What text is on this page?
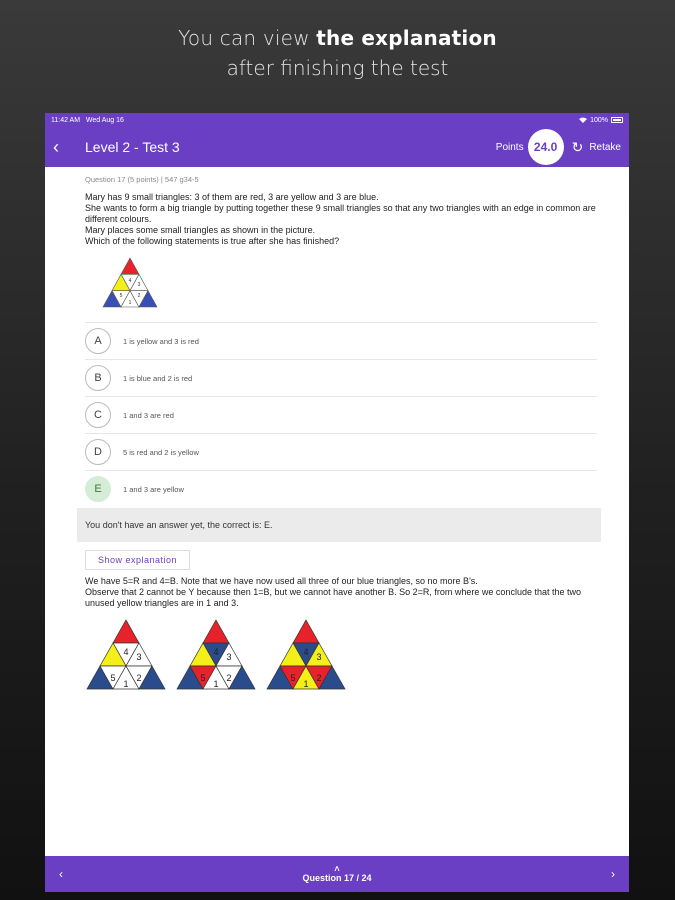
You can view the explanation
after finishing the test
11:42 AM Wed Aug 16	100%
‹	Level 2 - Test 3	Points 24.0	↻ Retake
Question 17 (5 points) | 547 g34-5
Mary has 9 small triangles: 3 of them are red, 3 are yellow and 3 are blue.
She wants to form a big triangle by putting together these 9 small triangles so that any two triangles with an edge in common are different colours.
Mary places some small triangles as shown in the picture.
Which of the following statements is true after she has finished?
4
3
5
1
2
A	1 is yellow and 3 is red
B	1 is blue and 2 is red
C	1 and 3 are red
D	5 is red and 2 is yellow
E	1 and 3 are yellow
You don't have an answer yet, the correct is: E.
Show explanation
We have 5=R and 4=B. Note that we have now used all three of our blue triangles, so no more B's.
Observe that 2 cannot be Y because then 1=B, but we cannot have another B. So 2=R, from where we conclude that the two unused yellow triangles are in 1 and 3.
4 3
5
1
2
4 3
5
1
2
4 3
5
1
2
‹	˄
Question 17 / 24	›
